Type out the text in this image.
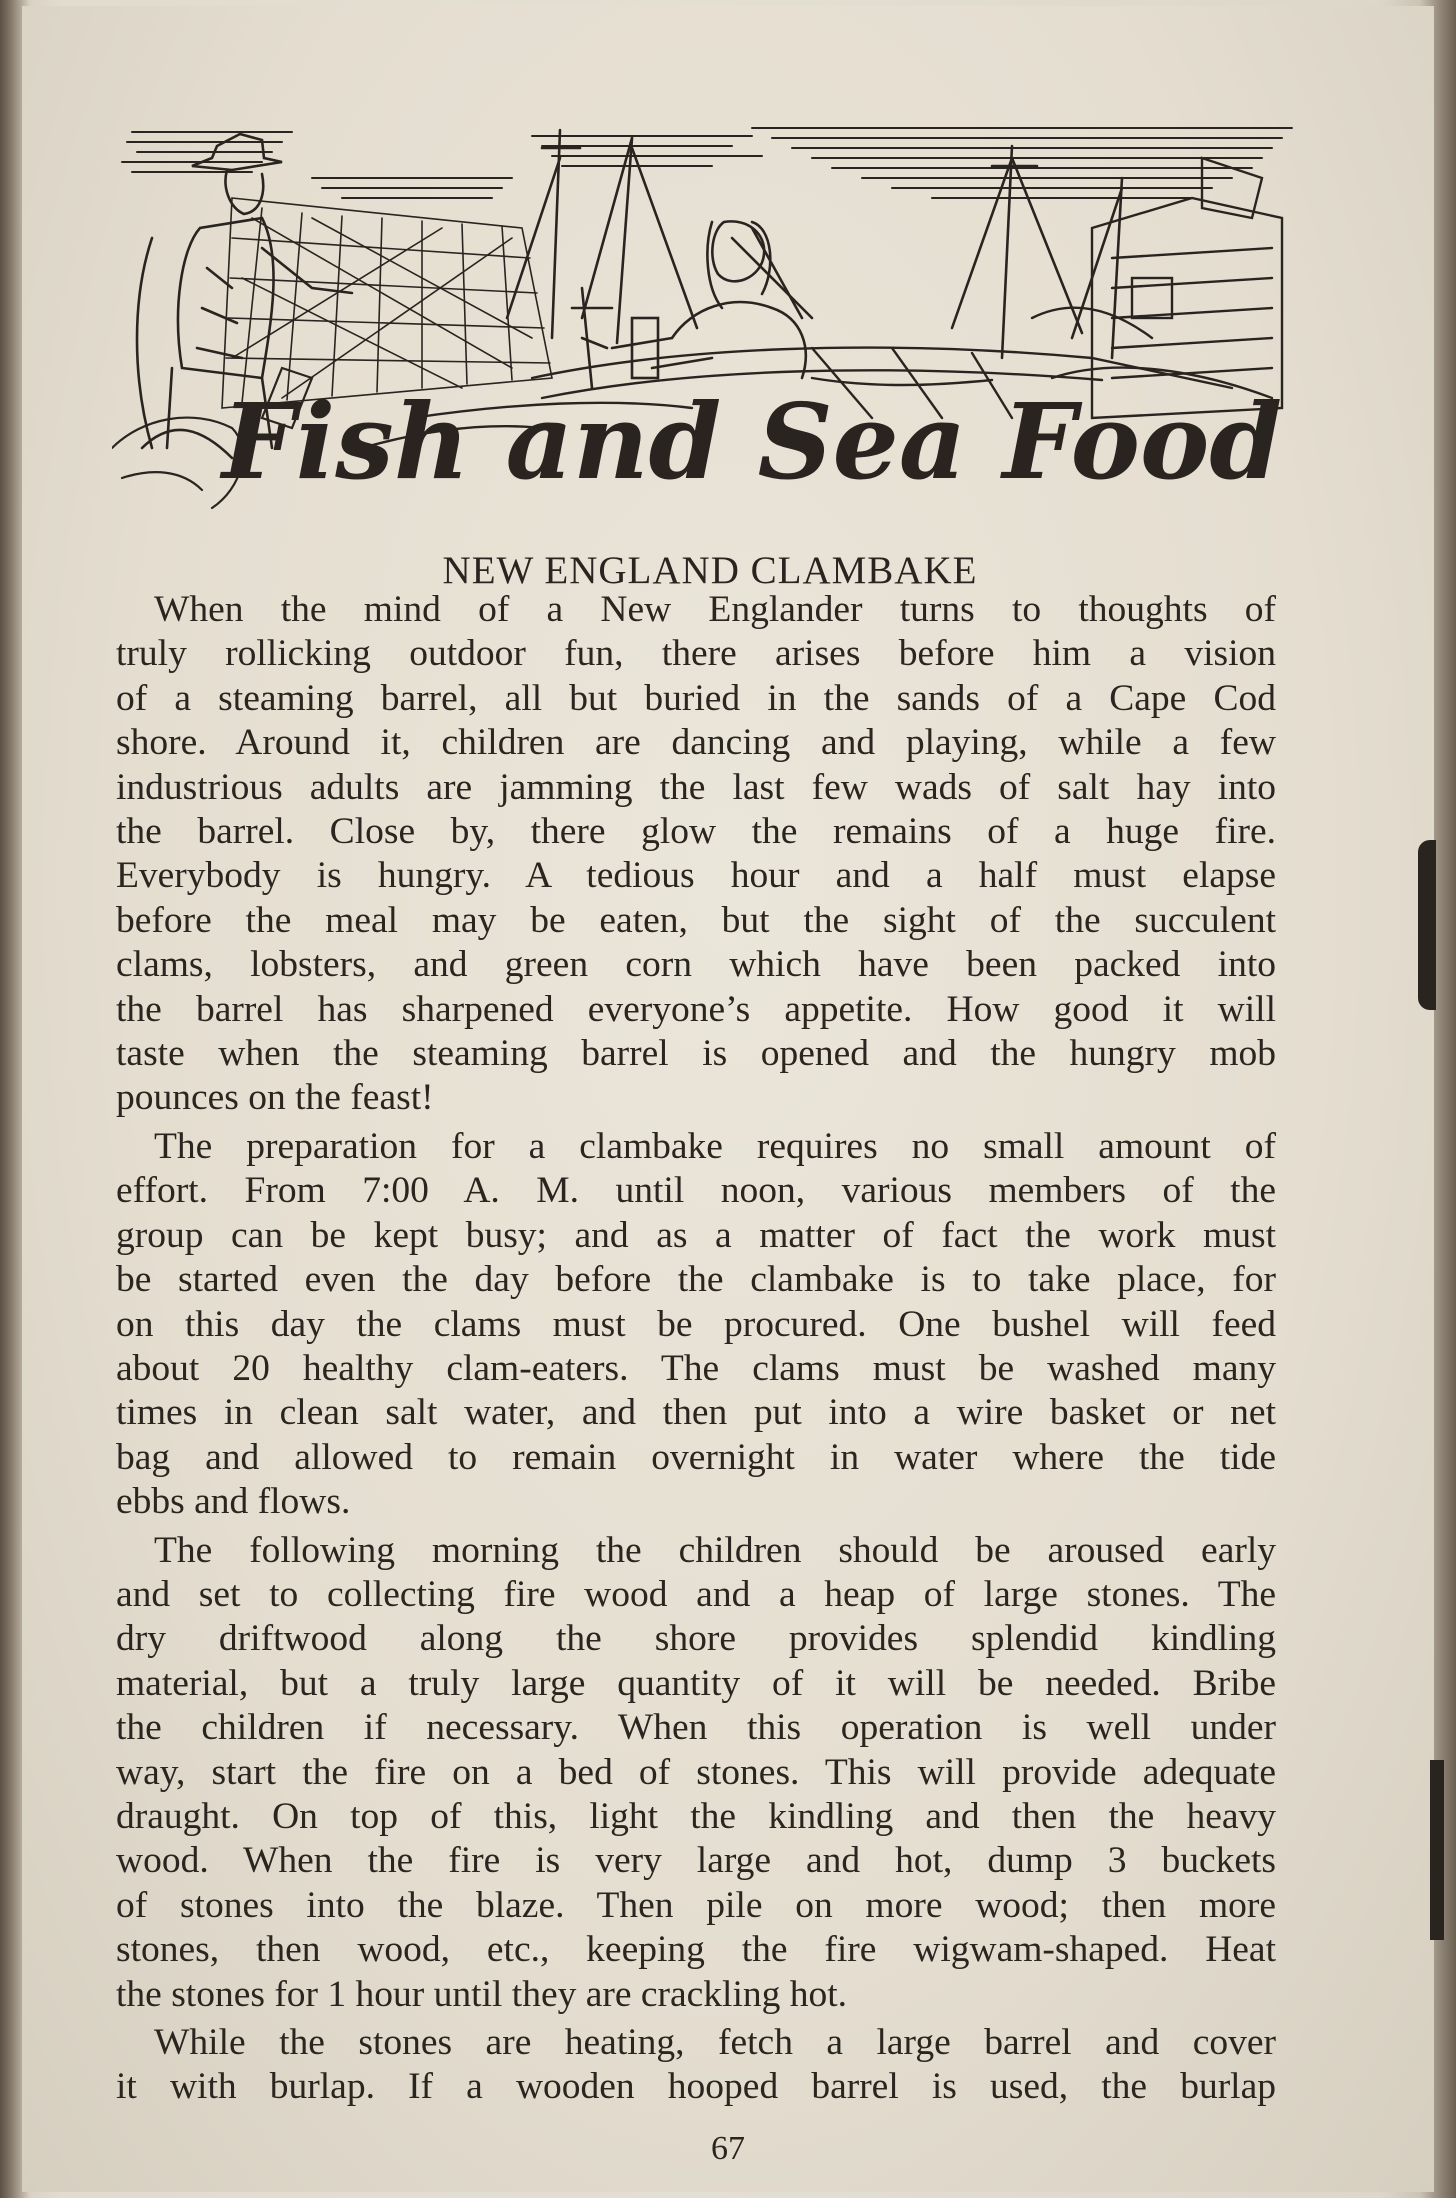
Fish and Sea Food
NEW ENGLAND CLAMBAKE
When the mind of a New Englander turns to thoughts of
truly rollicking outdoor fun, there arises before him a vision
of a steaming barrel, all but buried in the sands of a Cape Cod
shore. Around it, children are dancing and playing, while a few
industrious adults are jamming the last few wads of salt hay into
the barrel. Close by, there glow the remains of a huge fire.
Everybody is hungry. A tedious hour and a half must elapse
before the meal may be eaten, but the sight of the succulent
clams, lobsters, and green corn which have been packed into
the barrel has sharpened everyone’s appetite. How good it will
taste when the steaming barrel is opened and the hungry mob
pounces on the feast!
The preparation for a clambake requires no small amount of
effort. From 7:00 A. M. until noon, various members of the
group can be kept busy; and as a matter of fact the work must
be started even the day before the clambake is to take place, for
on this day the clams must be procured. One bushel will feed
about 20 healthy clam-eaters. The clams must be washed many
times in clean salt water, and then put into a wire basket or net
bag and allowed to remain overnight in water where the tide
ebbs and flows.
The following morning the children should be aroused early
and set to collecting fire wood and a heap of large stones. The
dry driftwood along the shore provides splendid kindling
material, but a truly large quantity of it will be needed. Bribe
the children if necessary. When this operation is well under
way, start the fire on a bed of stones. This will provide adequate
draught. On top of this, light the kindling and then the heavy
wood. When the fire is very large and hot, dump 3 buckets
of stones into the blaze. Then pile on more wood; then more
stones, then wood, etc., keeping the fire wigwam-shaped. Heat
the stones for 1 hour until they are crackling hot.
While the stones are heating, fetch a large barrel and cover
it with burlap. If a wooden hooped barrel is used, the burlap
67
